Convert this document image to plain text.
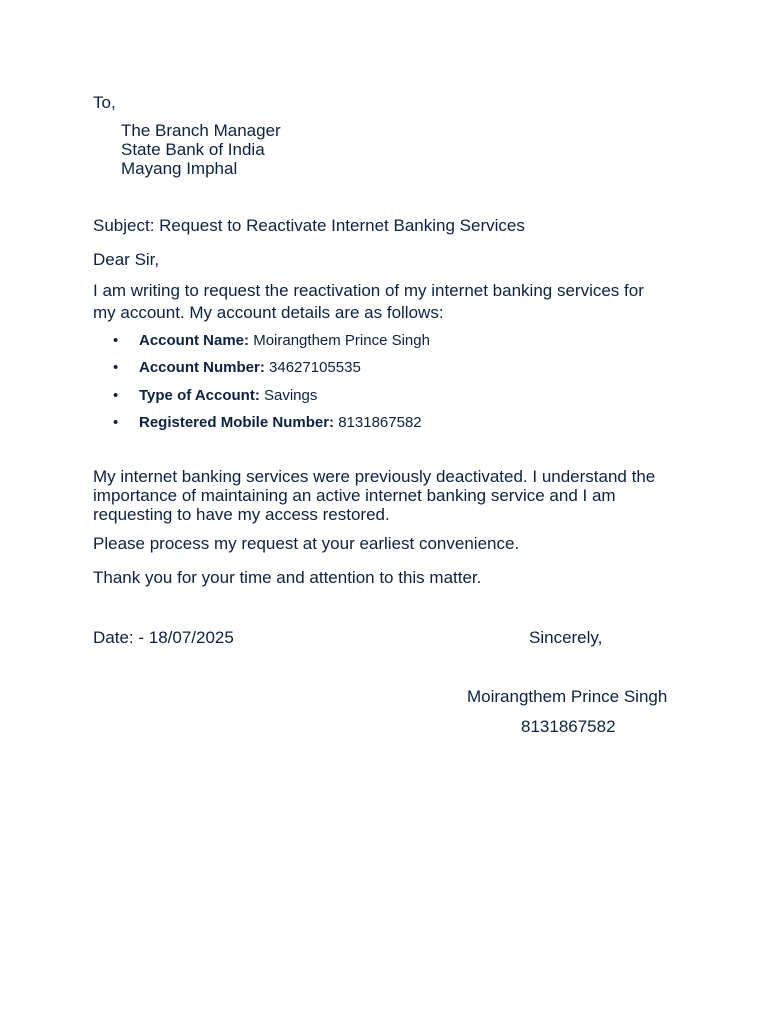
To,
The Branch Manager
State Bank of India
Mayang Imphal
Subject: Request to Reactivate Internet Banking Services
Dear Sir,
I am writing to request the reactivation of my internet banking services for
my account. My account details are as follows:
• Account Name: Moirangthem Prince Singh
• Account Number: 34627105535
• Type of Account: Savings
• Registered Mobile Number: 8131867582
My internet banking services were previously deactivated. I understand the
importance of maintaining an active internet banking service and I am
requesting to have my access restored.
Please process my request at your earliest convenience.
Thank you for your time and attention to this matter.
Date: - 18/07/2025	Sincerely,
Moirangthem Prince Singh
8131867582
